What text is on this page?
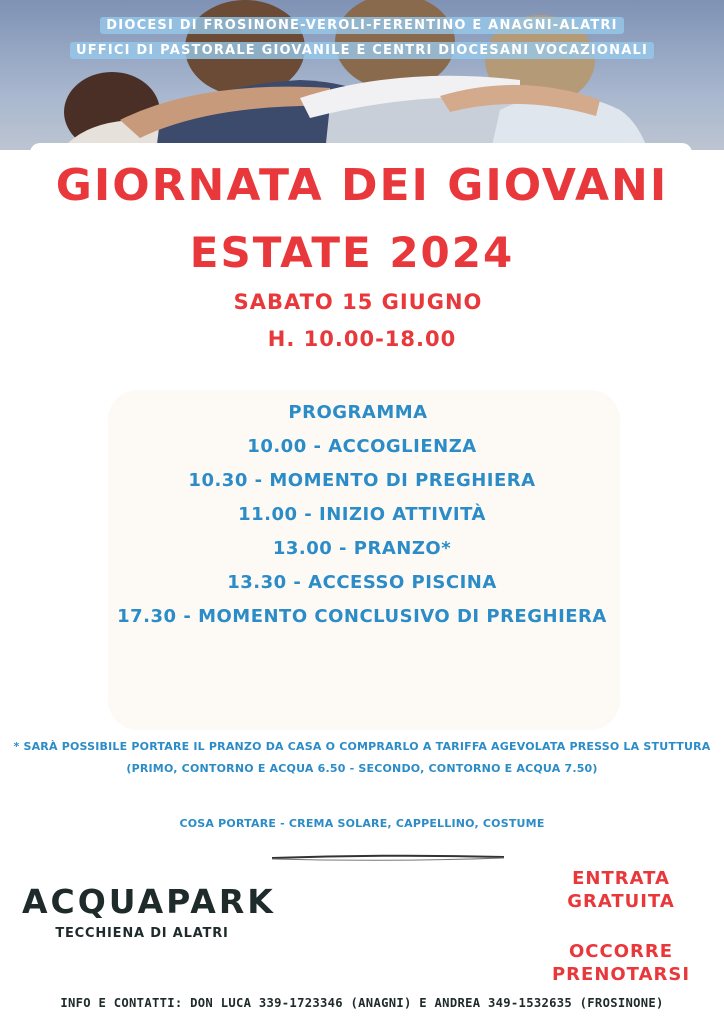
DIOCESI DI FROSINONE-VEROLI-FERENTINO E ANAGNI-ALATRI
UFFICI DI PASTORALE GIOVANILE E CENTRI DIOCESANI VOCAZIONALI
GIORNATA DEI GIOVANI
ESTATE 2024
SABATO 15 GIUGNO
H. 10.00-18.00
PROGRAMMA
10.00 - ACCOGLIENZA
10.30 - MOMENTO DI PREGHIERA
11.00 - INIZIO ATTIVITÀ
13.00 - PRANZO*
13.30 - ACCESSO PISCINA
17.30 - MOMENTO CONCLUSIVO DI PREGHIERA
* SARÀ POSSIBILE PORTARE IL PRANZO DA CASA O COMPRARLO A TARIFFA AGEVOLATA PRESSO LA STUTTURA
(PRIMO, CONTORNO E ACQUA 6.50 - SECONDO, CONTORNO E ACQUA 7.50)
COSA PORTARE - CREMA SOLARE, CAPPELLINO, COSTUME
ACQUAPARK
TECCHIENA DI ALATRI
ENTRATA
GRATUITA
OCCORRE
PRENOTARSI
INFO E CONTATTI: DON LUCA 339-1723346 (ANAGNI) E ANDREA 349-1532635 (FROSINONE)
